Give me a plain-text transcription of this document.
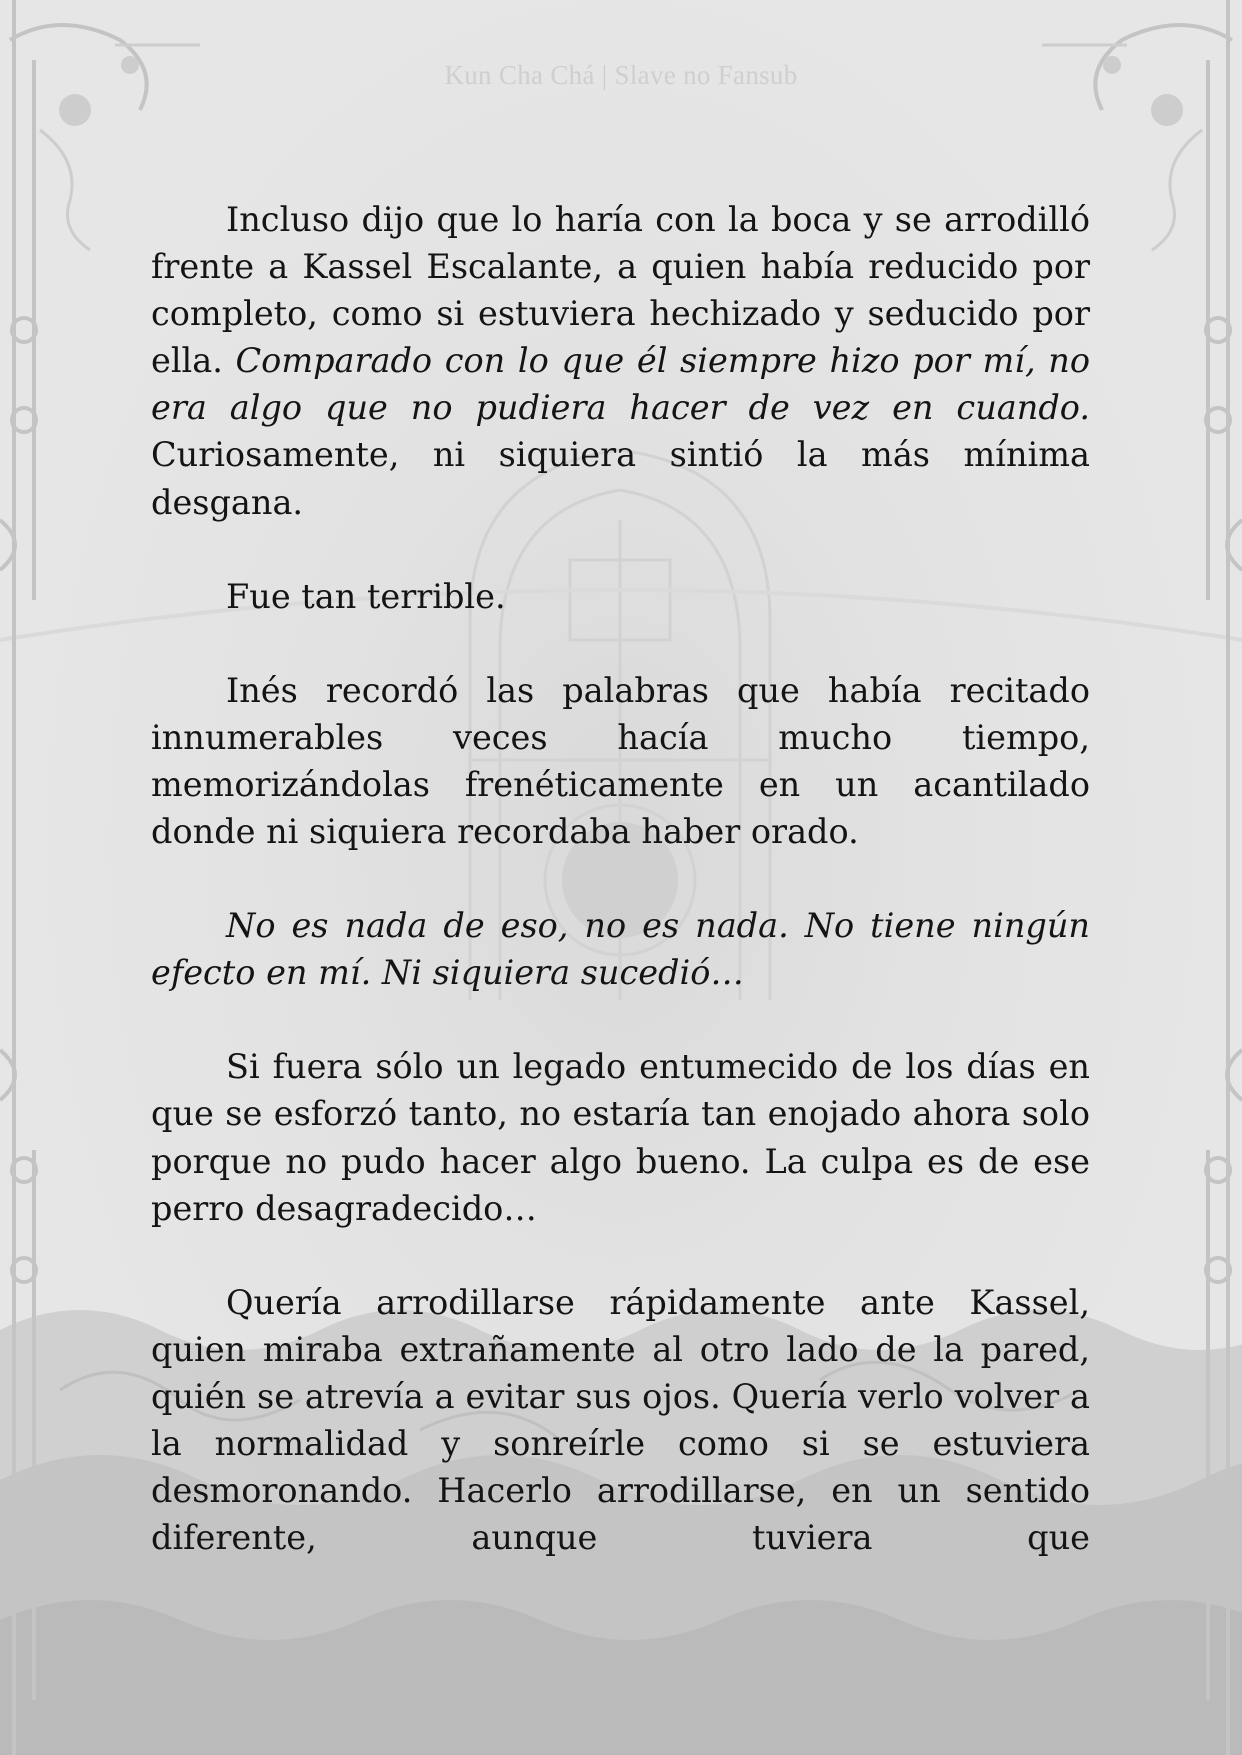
Kun Cha Chá | Slave no Fansub

Incluso dijo que lo haría con la boca y se arrodilló frente a Kassel Escalante, a quien había reducido por completo, como si estuviera hechizado y seducido por ella. Comparado con lo que él siempre hizo por mí, no era algo que no pudiera hacer de vez en cuando. Curiosamente, ni siquiera sintió la más mínima desgana.

Fue tan terrible.

Inés recordó las palabras que había recitado innumerables veces hacía mucho tiempo, memorizándolas frenéticamente en un acantilado donde ni siquiera recordaba haber orado.

No es nada de eso, no es nada. No tiene ningún efecto en mí. Ni siquiera sucedió…

Si fuera sólo un legado entumecido de los días en que se esforzó tanto, no estaría tan enojado ahora solo porque no pudo hacer algo bueno. La culpa es de ese perro desagradecido…

Quería arrodillarse rápidamente ante Kassel, quien miraba extrañamente al otro lado de la pared, quién se atrevía a evitar sus ojos. Quería verlo volver a la normalidad y sonreírle como si se estuviera desmoronando. Hacerlo arrodillarse, en un sentido diferente, aunque tuviera que
